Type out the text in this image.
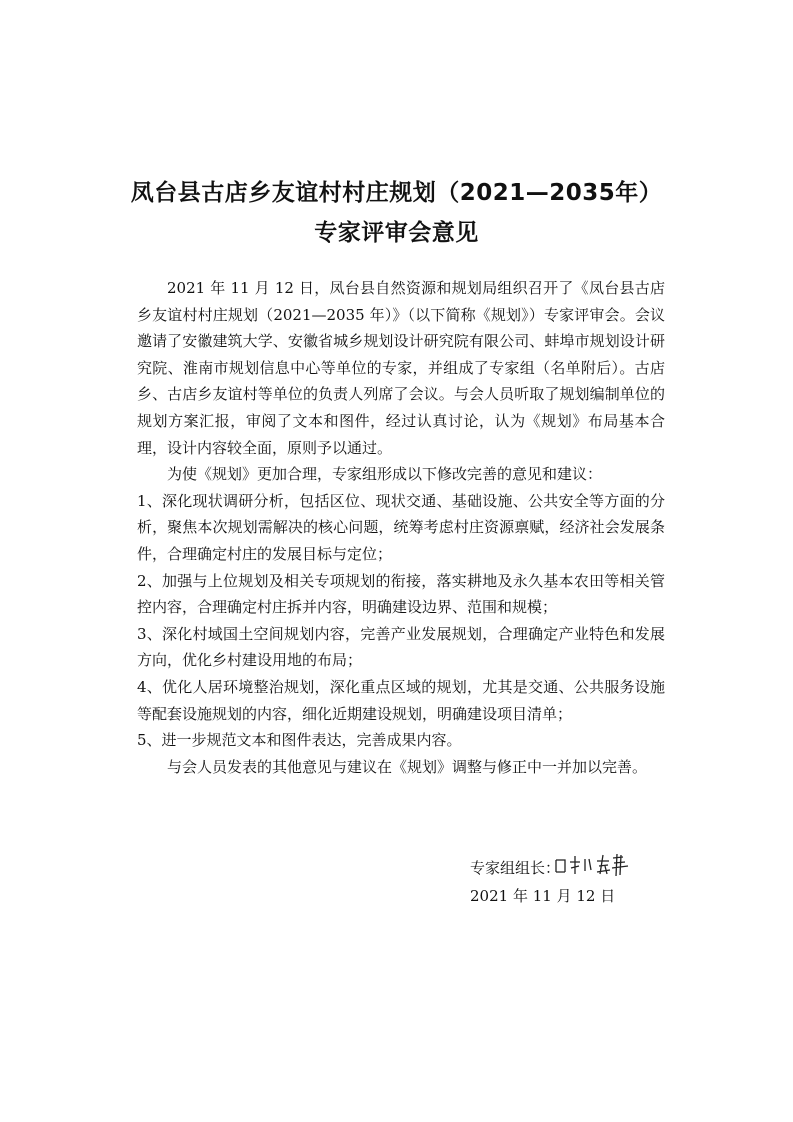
凤台县古店乡友谊村村庄规划（2021—2035年）
专家评审会意见

2021 年 11 月 12 日，凤台县自然资源和规划局组织召开了《凤台县古店乡友谊村村庄规划（2021—2035 年）》（以下简称《规划》）专家评审会。会议邀请了安徽建筑大学、安徽省城乡规划设计研究院有限公司、蚌埠市规划设计研究院、淮南市规划信息中心等单位的专家，并组成了专家组（名单附后）。古店乡、古店乡友谊村等单位的负责人列席了会议。与会人员听取了规划编制单位的规划方案汇报，审阅了文本和图件，经过认真讨论，认为《规划》布局基本合理，设计内容较全面，原则予以通过。

为使《规划》更加合理，专家组形成以下修改完善的意见和建议：

1、深化现状调研分析，包括区位、现状交通、基础设施、公共安全等方面的分析，聚焦本次规划需解决的核心问题，统筹考虑村庄资源禀赋，经济社会发展条件，合理确定村庄的发展目标与定位；

2、加强与上位规划及相关专项规划的衔接，落实耕地及永久基本农田等相关管控内容，合理确定村庄拆并内容，明确建设边界、范围和规模；

3、深化村域国土空间规划内容，完善产业发展规划，合理确定产业特色和发展方向，优化乡村建设用地的布局；

4、优化人居环境整治规划，深化重点区域的规划，尤其是交通、公共服务设施等配套设施规划的内容，细化近期建设规划，明确建设项目清单；

5、进一步规范文本和图件表达，完善成果内容。

与会人员发表的其他意见与建议在《规划》调整与修正中一并加以完善。

专家组组长：
2021 年 11 月 12 日
